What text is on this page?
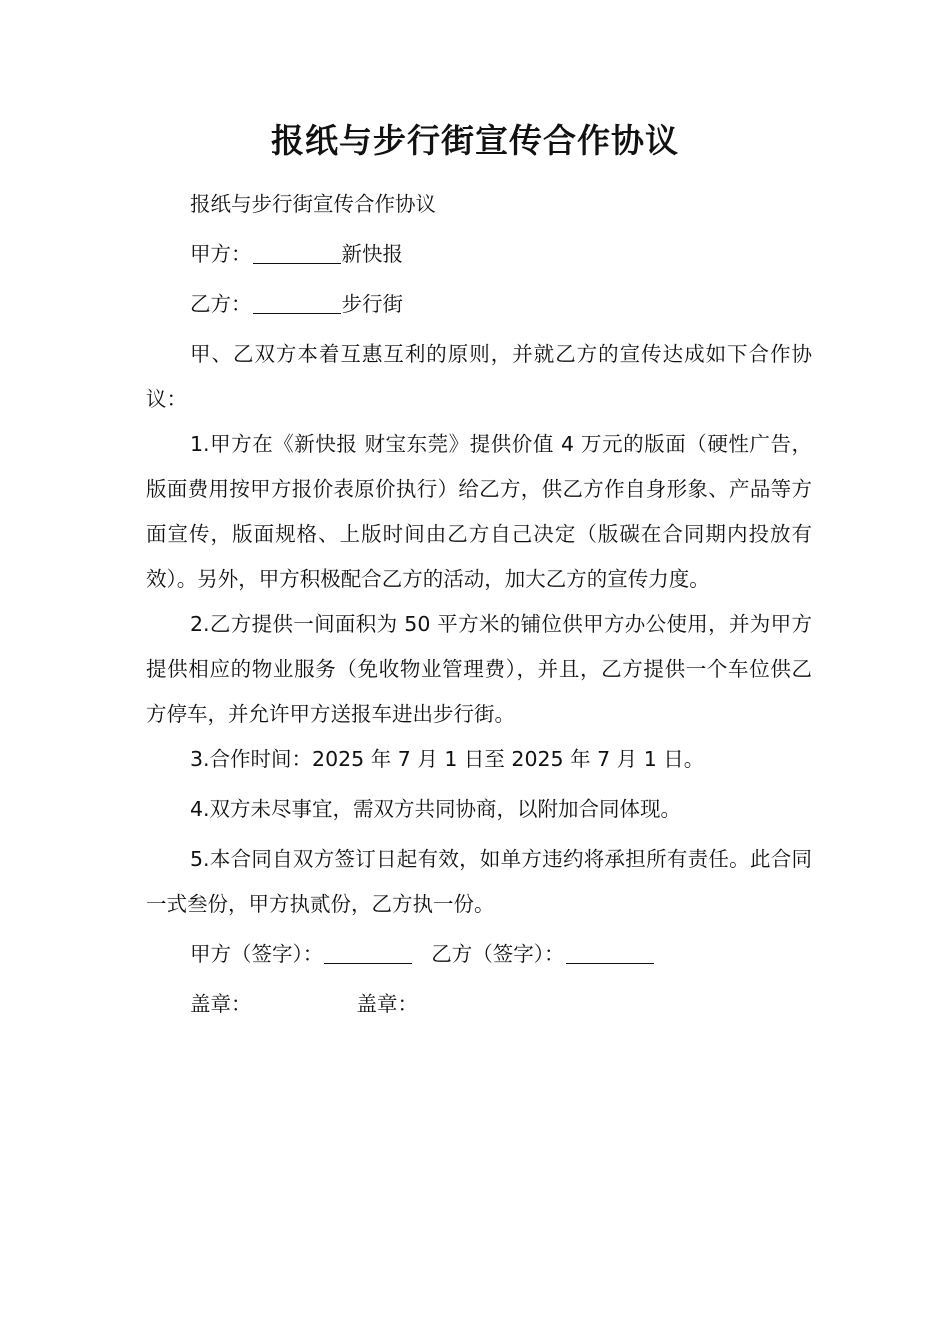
报纸与步行街宣传合作协议

报纸与步行街宣传合作协议

甲方：	新快报

乙方：	步行街

甲、乙双方本着互惠互利的原则，并就乙方的宣传达成如下合作协议：

1.甲方在《新快报 财宝东莞》提供价值 4 万元的版面（硬性广告，版面费用按甲方报价表原价执行）给乙方，供乙方作自身形象、产品等方面宣传，版面规格、上版时间由乙方自己决定（版碳在合同期内投放有效）。另外，甲方积极配合乙方的活动，加大乙方的宣传力度。

2.乙方提供一间面积为 50 平方米的铺位供甲方办公使用，并为甲方提供相应的物业服务（免收物业管理费），并且，乙方提供一个车位供乙方停车，并允许甲方送报车进出步行街。

3.合作时间：2025 年 7 月 1 日至 2025 年 7 月 1 日。

4.双方未尽事宜，需双方共同协商，以附加合同体现。

5.本合同自双方签订日起有效，如单方违约将承担所有责任。此合同一式叁份，甲方执贰份，乙方执一份。

甲方（签字）：	乙方（签字）：

盖章：	盖章：
